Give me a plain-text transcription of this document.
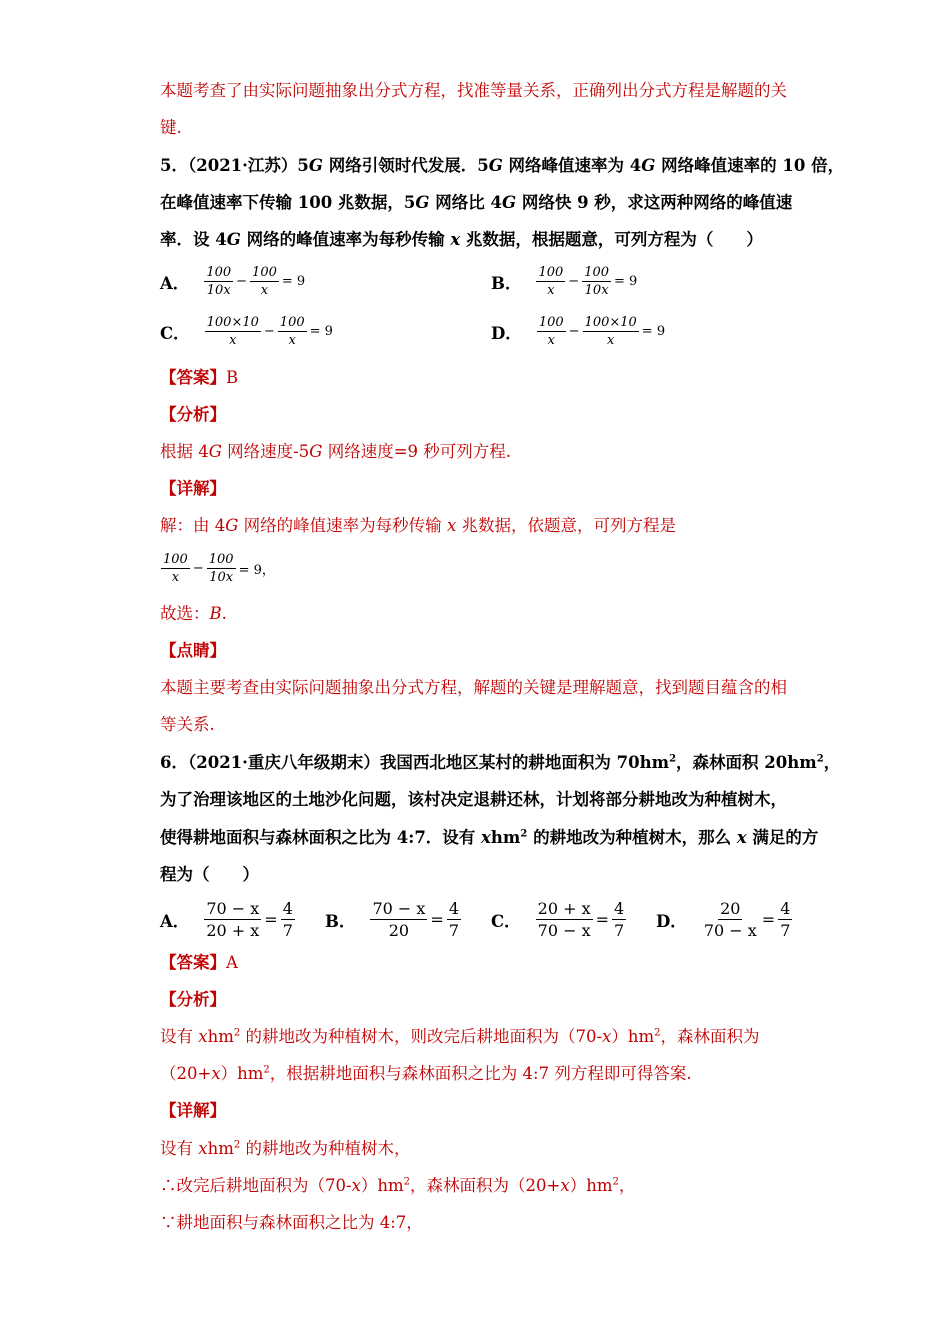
本题考查了由实际问题抽象出分式方程，找准等量关系，正确列出分式方程是解题的关
键.
5．（2021·江苏）5G 网络引领时代发展．5G 网络峰值速率为 4G 网络峰值速率的 10 倍，
在峰值速率下传输 100 兆数据，5G 网络比 4G 网络快 9 秒，求这两种网络的峰值速
率．设 4G 网络的峰值速率为每秒传输 x 兆数据，根据题意，可列方程为（　　）
A． $\frac{100}{10x} - \frac{100}{x} = 9$	B． $\frac{100}{x} - \frac{100}{10x} = 9$
C． $\frac{100\times 10}{x} - \frac{100}{x} = 9$	D． $\frac{100}{x} - \frac{100\times 10}{x} = 9$
【答案】B
【分析】
根据 4G 网络速度-5G 网络速度=9 秒可列方程.
【详解】
解：由 4G 网络的峰值速率为每秒传输 x 兆数据，依题意，可列方程是
$\frac{100}{x} - \frac{100}{10x} = 9$，
故选：B.
【点睛】
本题主要考查由实际问题抽象出分式方程，解题的关键是理解题意，找到题目蕴含的相
等关系.
6．（2021·重庆八年级期末）我国西北地区某村的耕地面积为 $70hm^2$，森林面积 $20hm^2$，
为了治理该地区的土地沙化问题，该村决定退耕还林，计划将部分耕地改为种植树木，
使得耕地面积与森林面积之比为 4:7．设有 xhm$^2$ 的耕地改为种植树木，那么 x 满足的方
程为（　　）
A． $\frac{70 - x}{20 + x} = \frac{4}{7}$ B． $\frac{70 - x}{20} = \frac{4}{7}$ C． $\frac{20 + x}{70 - x} = \frac{4}{7}$ D． $\frac{20}{70 - x} = \frac{4}{7}$
【答案】A
【分析】
设有 xhm$^2$ 的耕地改为种植树木，则改完后耕地面积为$(70-x)hm^2$，森林面积为
$(20+x)hm^2$，根据耕地面积与森林面积之比为 4:7 列方程即可得答案.
【详解】
设有 xhm$^2$ 的耕地改为种植树木，
∴改完后耕地面积为$(70-x)hm^2$，森林面积为$(20+x)hm^2$，
∵耕地面积与森林面积之比为 4:7，
